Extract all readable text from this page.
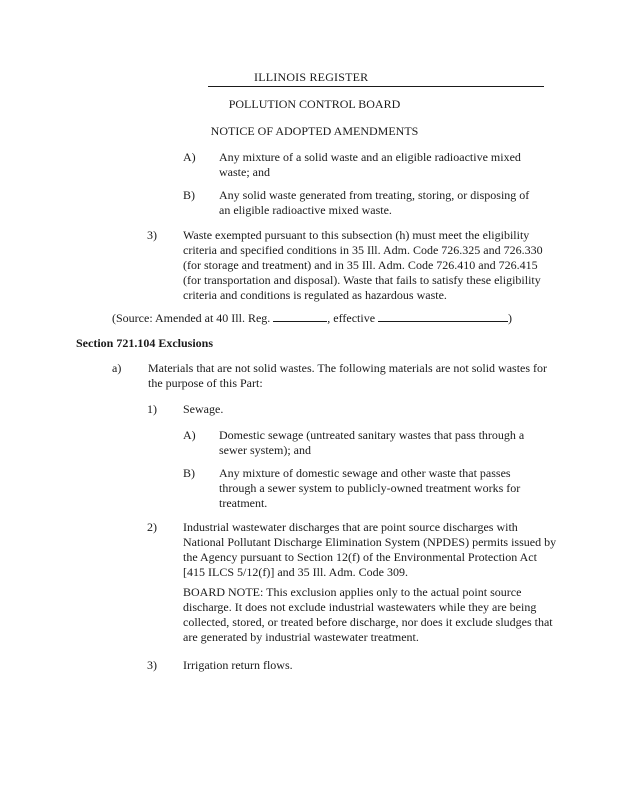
ILLINOIS REGISTER
POLLUTION CONTROL BOARD
NOTICE OF ADOPTED AMENDMENTS
A) Any mixture of a solid waste and an eligible radioactive mixed waste; and
B) Any solid waste generated from treating, storing, or disposing of an eligible radioactive mixed waste.
3) Waste exempted pursuant to this subsection (h) must meet the eligibility criteria and specified conditions in 35 Ill. Adm. Code 726.325 and 726.330 (for storage and treatment) and in 35 Ill. Adm. Code 726.410 and 726.415 (for transportation and disposal). Waste that fails to satisfy these eligibility criteria and conditions is regulated as hazardous waste.
(Source: Amended at 40 Ill. Reg.	, effective	)
Section 721.104 Exclusions
a) Materials that are not solid wastes. The following materials are not solid wastes for the purpose of this Part:
1) Sewage.
A) Domestic sewage (untreated sanitary wastes that pass through a sewer system); and
B) Any mixture of domestic sewage and other waste that passes through a sewer system to publicly-owned treatment works for treatment.
2) Industrial wastewater discharges that are point source discharges with National Pollutant Discharge Elimination System (NPDES) permits issued by the Agency pursuant to Section 12(f) of the Environmental Protection Act [415 ILCS 5/12(f)] and 35 Ill. Adm. Code 309.
BOARD NOTE: This exclusion applies only to the actual point source discharge. It does not exclude industrial wastewaters while they are being collected, stored, or treated before discharge, nor does it exclude sludges that are generated by industrial wastewater treatment.
3) Irrigation return flows.
